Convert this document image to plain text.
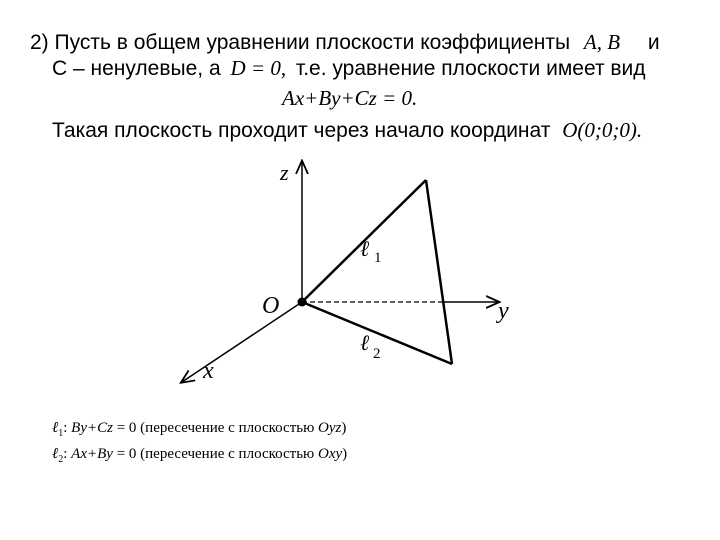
2) Пусть в общем уравнении плоскости коэффициенты A, B и
С – ненулевые, а D = 0, т.е. уравнение плоскости имеет вид
Ax+By+Cz = 0.
Такая плоскость проходит через начало координат O(0;0;0).
z
y
x
O
ℓ 1
ℓ 2
ℓ$_1$: By+Cz = 0 (пересечение с плоскостью Oyz)
ℓ$_2$: Ax+By = 0 (пересечение с плоскостью Oxy)
